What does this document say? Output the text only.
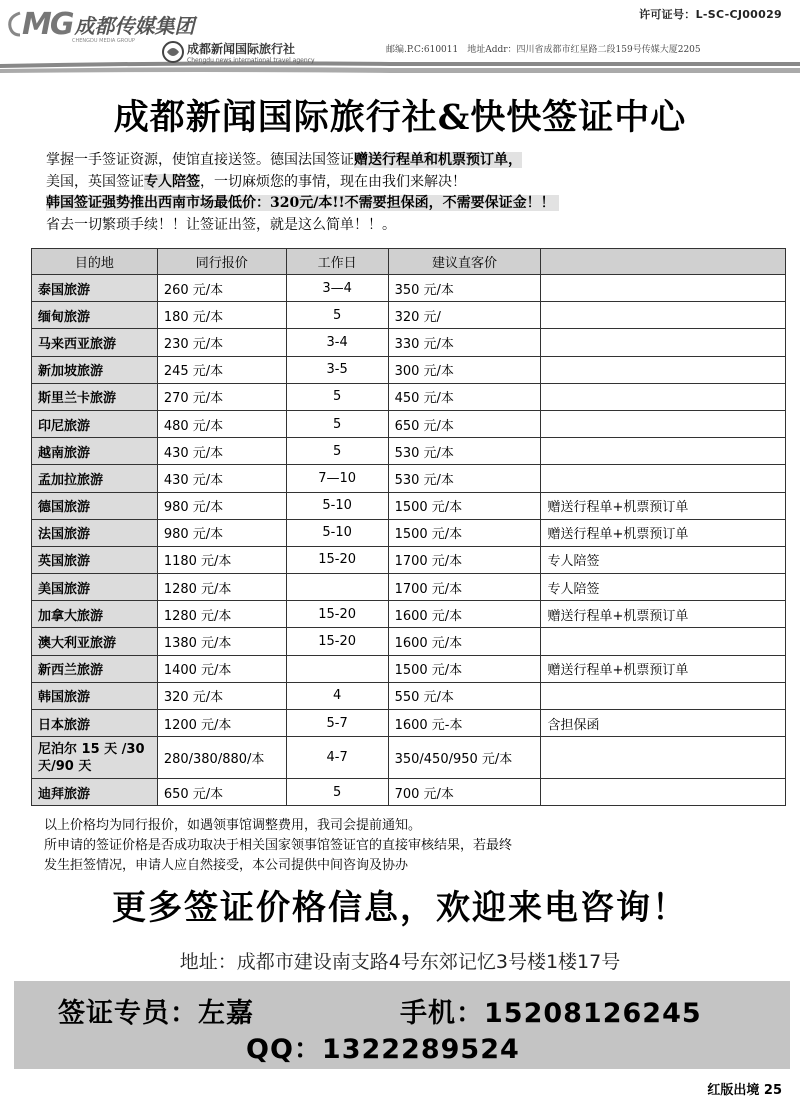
MG 成都传媒集团
CHENGDU MEDIA GROUP
成都新闻国际旅行社
Chengdu news international travel agency
许可证号：L-SC-CJ00029
邮编.P.C:610011　地址Addr：四川省成都市红星路二段159号传媒大厦2205
成都新闻国际旅行社&快快签证中心
掌握一手签证资源，使馆直接送签。德国法国签证赠送行程单和机票预订单，
美国，英国签证专人陪签，一切麻烦您的事情，现在由我们来解决！
韩国签证强势推出西南市场最低价：320元/本!!不需要担保函，不需要保证金！！
省去一切繁琐手续！！让签证出签，就是这么简单！！。
目的地	同行报价	工作日	建议直客价	
泰国旅游	260 元/本	3—4	350 元/本	
缅甸旅游	180 元/本	5	320 元/	
马来西亚旅游	230 元/本	3-4	330 元/本	
新加坡旅游	245 元/本	3-5	300 元/本	
斯里兰卡旅游	270 元/本	5	450 元/本	
印尼旅游	480 元/本	5	650 元/本	
越南旅游	430 元/本	5	530 元/本	
孟加拉旅游	430 元/本	7—10	530 元/本	
德国旅游	980 元/本	5-10	1500 元/本	赠送行程单+机票预订单
法国旅游	980 元/本	5-10	1500 元/本	赠送行程单+机票预订单
英国旅游	1180 元/本	15-20	1700 元/本	专人陪签
美国旅游	1280 元/本		1700 元/本	专人陪签
加拿大旅游	1280 元/本	15-20	1600 元/本	赠送行程单+机票预订单
澳大利亚旅游	1380 元/本	15-20	1600 元/本	
新西兰旅游	1400 元/本		1500 元/本	赠送行程单+机票预订单
韩国旅游	320 元/本	4	550 元/本	
日本旅游	1200 元/本	5-7	1600 元-本	含担保函
尼泊尔 15 天 /30 天/90 天	280/380/880/本	4-7	350/450/950 元/本	
迪拜旅游	650 元/本	5	700 元/本	
以上价格均为同行报价，如遇领事馆调整费用，我司会提前通知。
所申请的签证价格是否成功取决于相关国家领事馆签证官的直接审核结果，若最终
发生拒签情况，申请人应自然接受，本公司提供中间咨询及协办
更多签证价格信息，欢迎来电咨询！
地址：成都市建设南支路4号东郊记忆3号楼1楼17号
签证专员：左嘉	手机：15208126245
QQ：1322289524
红版出境 25
